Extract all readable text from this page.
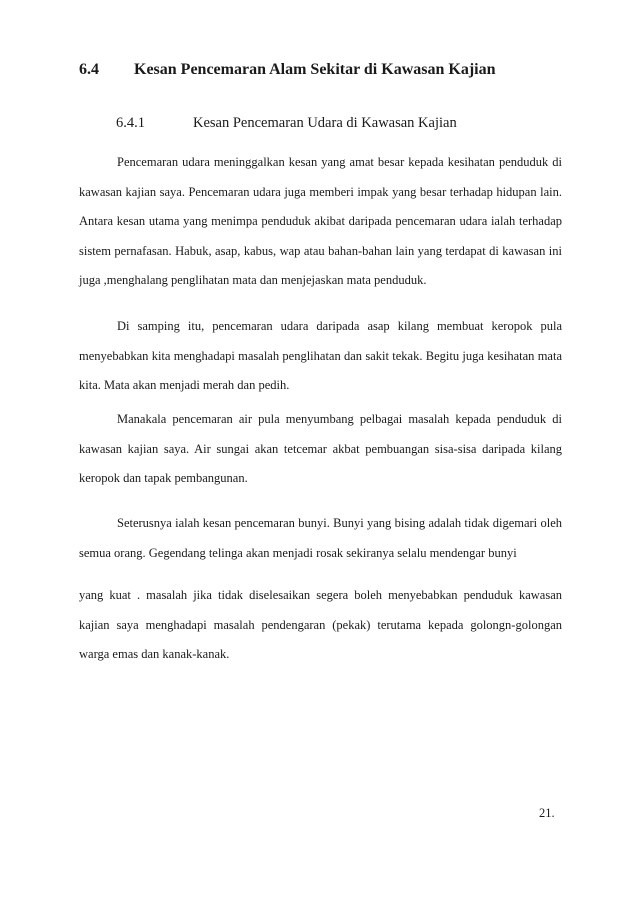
6.4 Kesan Pencemaran Alam Sekitar di Kawasan Kajian
6.4.1	Kesan Pencemaran Udara di Kawasan Kajian

Pencemaran udara meninggalkan kesan yang amat besar kepada kesihatan penduduk di kawasan kajian saya. Pencemaran udara juga memberi impak yang besar terhadap hidupan lain. Antara kesan utama yang menimpa penduduk akibat daripada pencemaran udara ialah terhadap sistem pernafasan. Habuk, asap, kabus, wap atau bahan-bahan lain yang terdapat di kawasan ini juga ,menghalang penglihatan mata dan menjejaskan mata penduduk.

Di samping itu, pencemaran udara daripada asap kilang membuat keropok pula menyebabkan kita menghadapi masalah penglihatan dan sakit tekak. Begitu juga kesihatan mata kita. Mata akan menjadi merah dan pedih.

Manakala pencemaran air pula menyumbang pelbagai masalah kepada penduduk di kawasan kajian saya. Air sungai akan tetcemar akbat pembuangan sisa-sisa daripada kilang keropok dan tapak pembangunan.

Seterusnya ialah kesan pencemaran bunyi. Bunyi yang bising adalah tidak digemari oleh semua orang. Gegendang telinga akan menjadi rosak sekiranya selalu mendengar bunyi

yang kuat . masalah jika tidak diselesaikan segera boleh menyebabkan penduduk kawasan kajian saya menghadapi masalah pendengaran (pekak) terutama kepada golongn-golongan warga emas dan kanak-kanak.

21.
